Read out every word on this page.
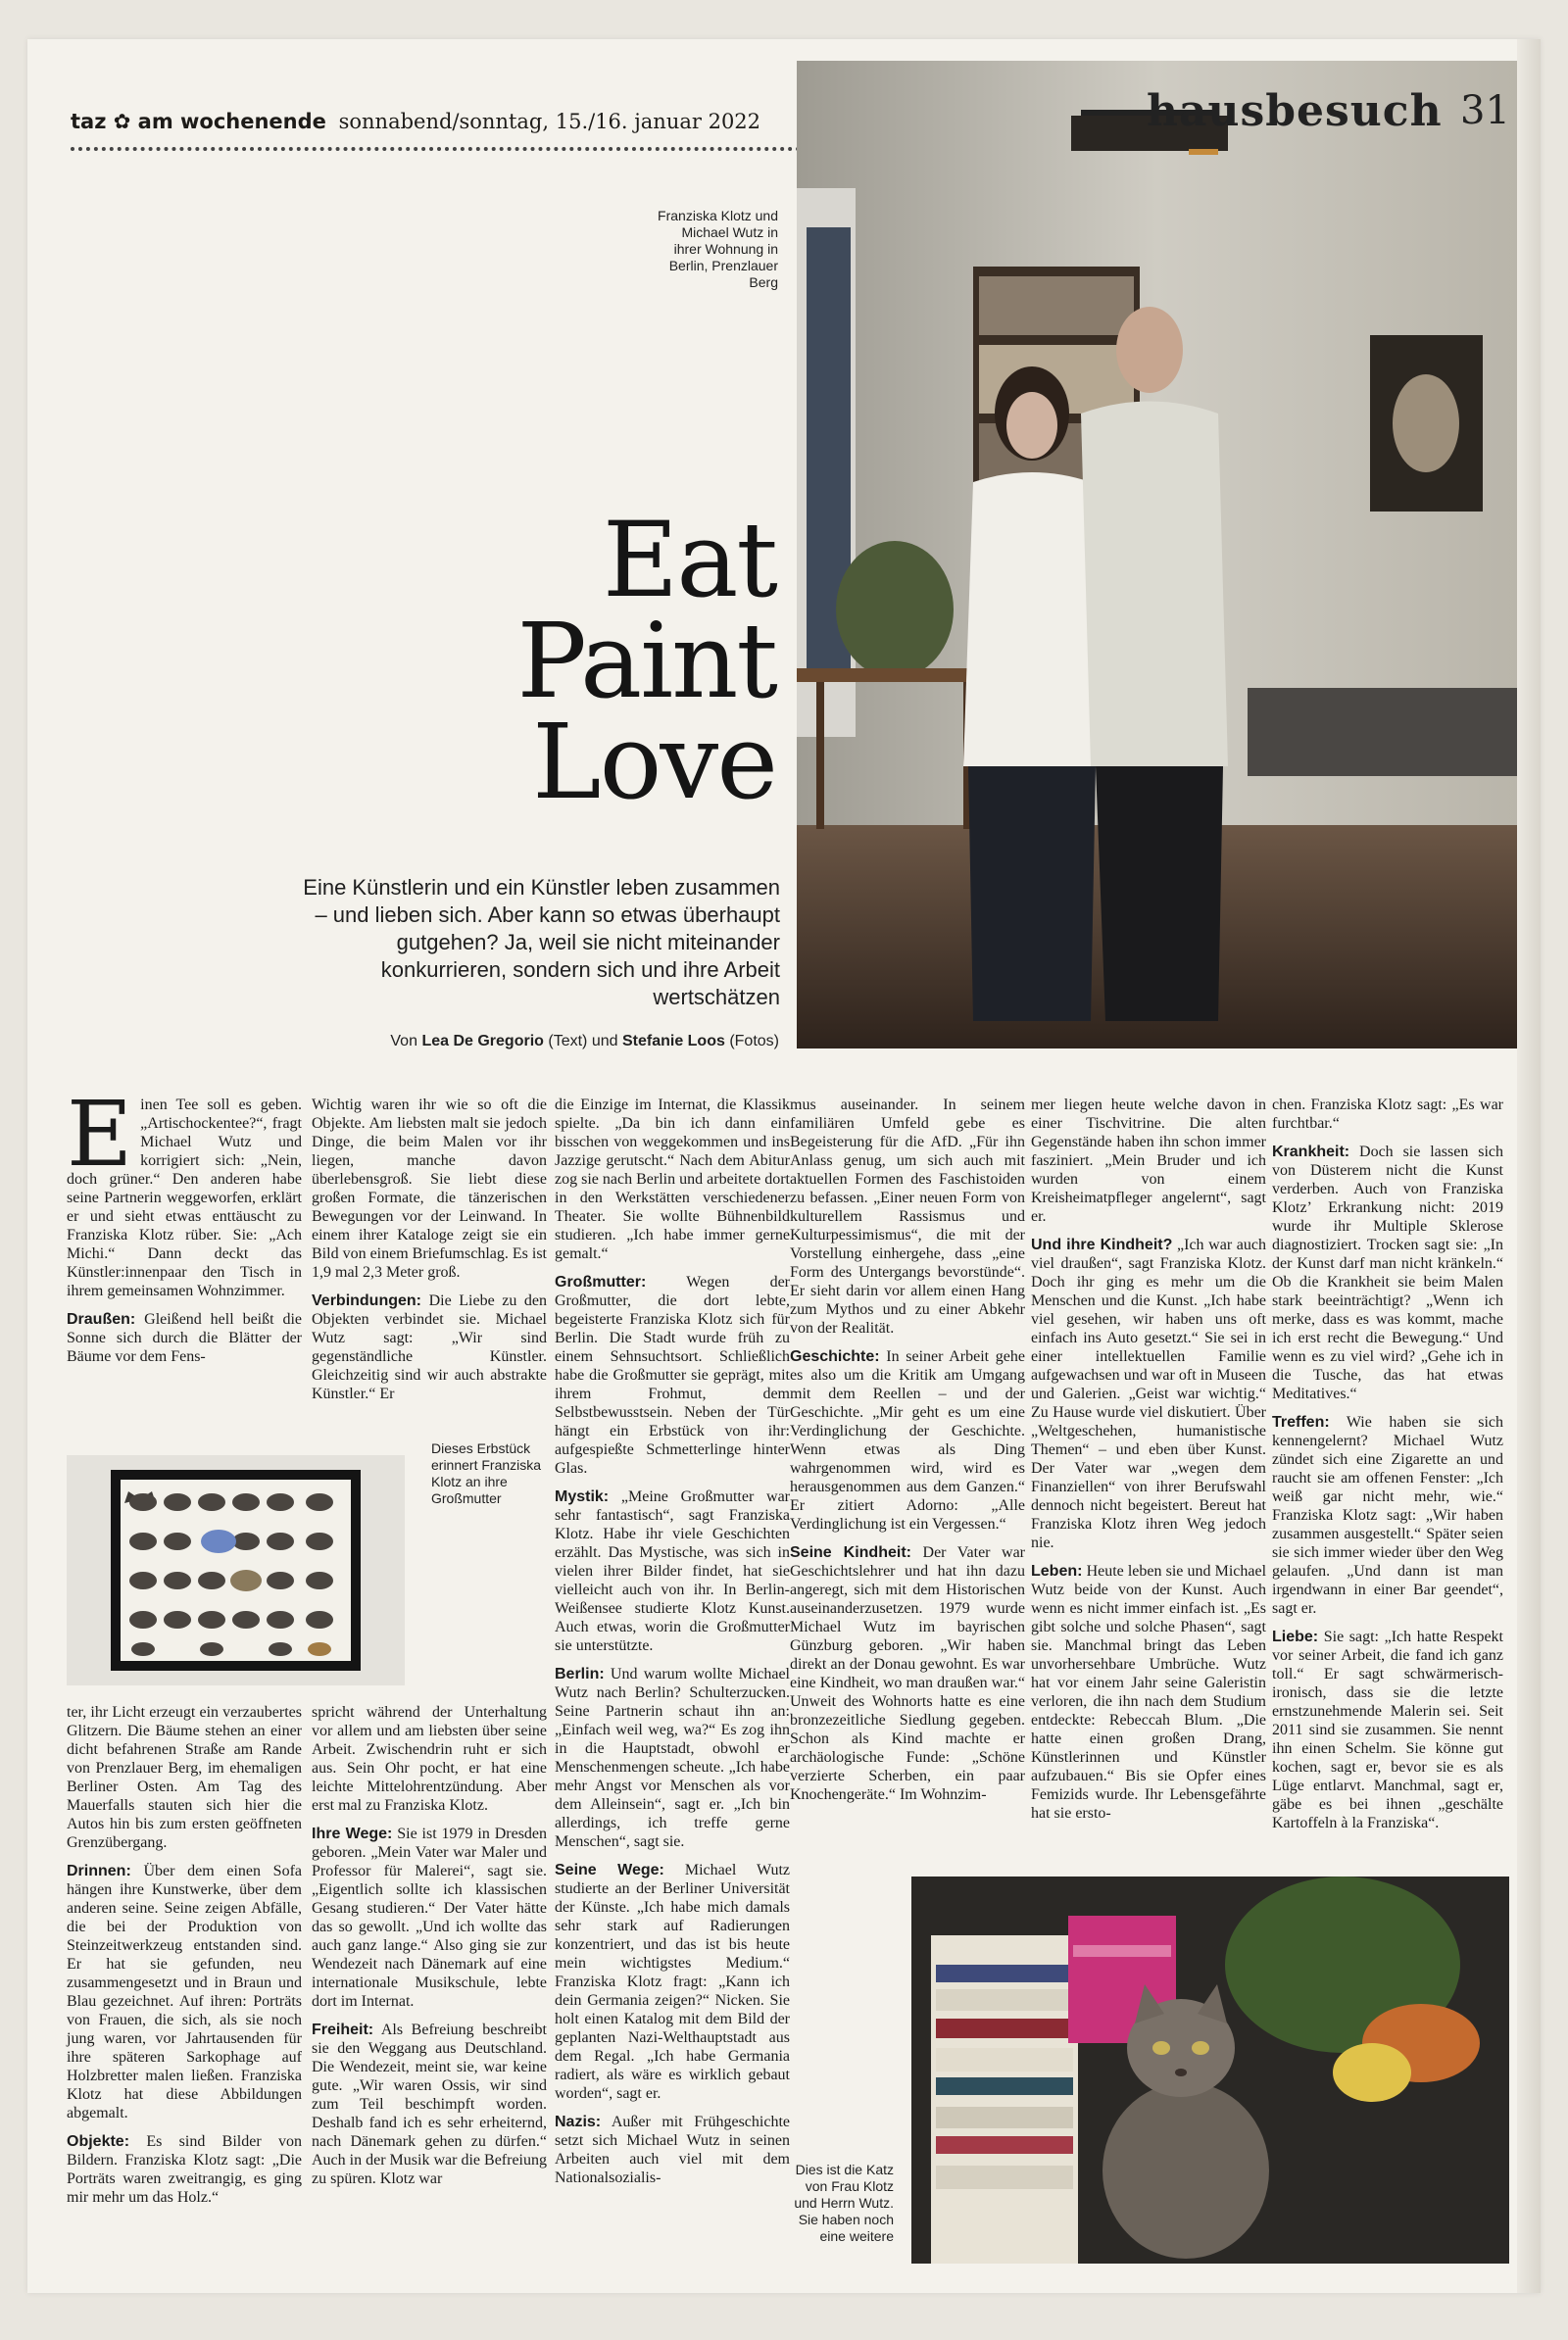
taz ✿ am wochenende sonnabend/sonntag, 15./16. januar 2022	hausbesuch 31
Franziska Klotz und Michael Wutz in ihrer Wohnung in Berlin, Prenzlauer Berg
Eat
Paint
Love
Eine Künstlerin und ein Künstler leben zusammen – und lieben sich. Aber kann so etwas überhaupt gutgehen? Ja, weil sie nicht miteinander konkurrieren, sondern sich und ihre Arbeit wertschätzen
Von Lea De Gregorio (Text) und Stefanie Loos (Fotos)

Einen Tee soll es geben. „Artischockentee?“, fragt Michael Wutz und korrigiert sich: „Nein, doch grüner.“ Den anderen habe seine Partnerin weggeworfen, erklärt er und sieht etwas enttäuscht zu Franziska Klotz rüber. Sie: „Ach Michi.“ Dann deckt das Künstler:innenpaar den Tisch in ihrem gemeinsamen Wohnzimmer.

Draußen: Gleißend hell beißt die Sonne sich durch die Blätter der Bäume vor dem Fens-

Dieses Erbstück erinnert Franziska Klotz an ihre Großmutter

ter, ihr Licht erzeugt ein verzaubertes Glitzern. Die Bäume stehen an einer dicht befahrenen Straße am Rande von Prenzlauer Berg, im ehemaligen Berliner Osten. Am Tag des Mauerfalls stauten sich hier die Autos hin bis zum ersten geöffneten Grenzübergang.

Drinnen: Über dem einen Sofa hängen ihre Kunstwerke, über dem anderen seine. Seine zeigen Abfälle, die bei der Produktion von Steinzeitwerkzeug entstanden sind. Er hat sie gefunden, neu zusammengesetzt und in Braun und Blau gezeichnet. Auf ihren: Porträts von Frauen, die sich, als sie noch jung waren, vor Jahrtausenden für ihre späteren Sarkophage auf Holzbretter malen ließen. Franziska Klotz hat diese Abbildungen abgemalt.

Objekte: Es sind Bilder von Bildern. Franziska Klotz sagt: „Die Porträts waren zweitrangig, es ging mir mehr um das Holz.“

Wichtig waren ihr wie so oft die Objekte. Am liebsten malt sie jedoch Dinge, die beim Malen vor ihr liegen, manche davon überlebensgroß. Sie liebt diese großen Formate, die tänzerischen Bewegungen vor der Leinwand. In einem ihrer Kataloge zeigt sie ein Bild von einem Briefumschlag. Es ist 1,9 mal 2,3 Meter groß.

Verbindungen: Die Liebe zu den Objekten verbindet sie. Michael Wutz sagt: „Wir sind gegenständliche Künstler. Gleichzeitig sind wir auch abstrakte Künstler.“ Er

spricht während der Unterhaltung vor allem und am liebsten über seine Arbeit. Zwischendrin ruht er sich aus. Sein Ohr pocht, er hat eine leichte Mittelohrentzündung. Aber erst mal zu Franziska Klotz.

Ihre Wege: Sie ist 1979 in Dresden geboren. „Mein Vater war Maler und Professor für Malerei“, sagt sie. „Eigentlich sollte ich klassischen Gesang studieren.“ Der Vater hätte das so gewollt. „Und ich wollte das auch ganz lange.“ Also ging sie zur Wendezeit nach Dänemark auf eine internationale Musikschule, lebte dort im Internat.

Freiheit: Als Befreiung beschreibt sie den Weggang aus Deutschland. Die Wendezeit, meint sie, war keine gute. „Wir waren Ossis, wir sind zum Teil beschimpft worden. Deshalb fand ich es sehr erheiternd, nach Dänemark gehen zu dürfen.“ Auch in der Musik war die Befreiung zu spüren. Klotz war

die Einzige im Internat, die Klassik spielte. „Da bin ich dann ein bisschen von weggekommen und ins Jazzige gerutscht.“ Nach dem Abitur zog sie nach Berlin und arbeitete dort in den Werkstätten verschiedener Theater. Sie wollte Bühnenbild studieren. „Ich habe immer gerne gemalt.“

Großmutter:	Wegen der Großmutter, die dort lebte, begeisterte Franziska Klotz sich für Berlin. Die Stadt wurde früh zu einem Sehnsuchtsort. Schließlich habe die Großmutter sie geprägt, mit ihrem Frohmut, dem Selbstbewusstsein. Neben der Tür hängt ein Erbstück von ihr: aufgespießte Schmetterlinge hinter Glas.

Mystik: „Meine Großmutter war sehr fantastisch“, sagt Franziska Klotz. Habe ihr viele Geschichten erzählt. Das Mystische, was sich in vielen ihrer Bilder findet, hat sie vielleicht auch von ihr. In Berlin-Weißensee studierte Klotz Kunst. Auch etwas, worin die Großmutter sie unterstützte.

Berlin: Und warum wollte Michael Wutz nach Berlin? Schulterzucken. Seine Partnerin schaut ihn an: „Einfach weil weg, wa?“ Es zog ihn in die Hauptstadt, obwohl er Menschenmengen scheute. „Ich habe mehr Angst vor Menschen als vor dem Alleinsein“, sagt er. „Ich bin allerdings, ich treffe gerne Menschen“, sagt sie.

Seine Wege: Michael Wutz studierte an der Berliner Universität der Künste. „Ich habe mich damals sehr stark auf Radierungen konzentriert, und das ist bis heute mein wichtigstes Medium.“ Franziska Klotz fragt: „Kann ich dein Germania zeigen?“ Nicken. Sie holt einen Katalog mit dem Bild der geplanten Nazi-Welthauptstadt aus dem Regal. „Ich habe Germania radiert, als wäre es wirklich gebaut worden“, sagt er.

Nazis: Außer mit Frühgeschichte setzt sich Michael Wutz in seinen Arbeiten auch viel mit dem Nationalsozialis-

mus auseinander. In seinem familiären Umfeld gebe es Begeisterung für die AfD. „Für ihn Anlass genug, um sich auch mit aktuellen Formen des Faschistoiden zu befassen. „Einer neuen Form von kulturellem Rassismus und Kulturpessimismus“, die mit der Vorstellung einhergehe, dass „eine Form des Untergangs bevorstünde“. Er sieht darin vor allem einen Hang zum Mythos und zu einer Abkehr von der Realität.

Geschichte: In seiner Arbeit gehe es also um die Kritik am Umgang mit dem Reellen – und der Geschichte. „Mir geht es um eine Verdinglichung der Geschichte. Wenn etwas als Ding wahrgenommen wird, wird es herausgenommen aus dem Ganzen.“ Er zitiert Adorno: „Alle Verdinglichung ist ein Vergessen.“

Seine Kindheit: Der Vater war Geschichtslehrer und hat ihn dazu angeregt, sich mit dem Historischen auseinanderzusetzen. 1979 wurde Michael Wutz im bayrischen Günzburg geboren. „Wir haben direkt an der Donau gewohnt. Es war eine Kindheit, wo man draußen war.“ Unweit des Wohnorts hatte es eine bronzezeitliche Siedlung gegeben. Schon als Kind machte er archäologische Funde: „Schöne verzierte Scherben, ein paar Knochengeräte.“ Im Wohnzim-

mer liegen heute welche davon in einer Tischvitrine. Die alten Gegenstände haben ihn schon immer fasziniert. „Mein Bruder und ich wurden von einem Kreisheimatpfleger angelernt“, sagt er.

Und ihre Kindheit? „Ich war auch viel draußen“, sagt Franziska Klotz. Doch ihr ging es mehr um die Menschen und die Kunst. „Ich habe viel gesehen, wir haben uns oft einfach ins Auto gesetzt.“ Sie sei in einer intellektuellen Familie aufgewachsen und war oft in Museen und Galerien. „Geist war wichtig.“ Zu Hause wurde viel diskutiert. Über „Weltgeschehen, humanistische Themen“ – und eben über Kunst. Der Vater war „wegen dem Finanziellen“ von ihrer Berufswahl dennoch nicht begeistert. Bereut hat Franziska Klotz ihren Weg jedoch nie.

Leben: Heute leben sie und Michael Wutz beide von der Kunst. Auch wenn es nicht immer einfach ist. „Es gibt solche und solche Phasen“, sagt sie. Manchmal bringt das Leben unvorhersehbare Umbrüche. Wutz hat vor einem Jahr seine Galeristin verloren, die ihn nach dem Studium entdeckte: Rebeccah Blum. „Die hatte einen großen Drang, Künstlerinnen und Künstler aufzubauen.“ Bis sie Opfer eines Femizids wurde. Ihr Lebensgefährte hat sie ersto-

chen. Franziska Klotz sagt: „Es war furchtbar.“

Krankheit: Doch sie lassen sich von Düsterem nicht die Kunst verderben. Auch von Franziska Klotz’ Erkrankung nicht: 2019 wurde ihr Multiple Sklerose diagnostiziert. Trocken sagt sie: „In der Kunst darf man nicht kränkeln.“ Ob die Krankheit sie beim Malen stark beeinträchtigt? „Wenn ich merke, dass es was kommt, mache ich erst recht die Bewegung.“ Und wenn es zu viel wird? „Gehe ich in die Tusche, das hat etwas Meditatives.“

Treffen: Wie haben sie sich kennengelernt? Michael Wutz zündet sich eine Zigarette an und raucht sie am offenen Fenster: „Ich weiß gar nicht mehr, wie.“ Franziska Klotz sagt: „Wir haben zusammen ausgestellt.“ Später seien sie sich immer wieder über den Weg gelaufen. „Und dann ist man irgendwann in einer Bar geendet“, sagt er.

Liebe: Sie sagt: „Ich hatte Respekt vor seiner Arbeit, die fand ich ganz toll.“ Er sagt schwärmerisch-ironisch, dass sie die letzte ernstzunehmende Malerin sei. Seit 2011 sind sie zusammen. Sie nennt ihn einen Schelm. Sie könne gut kochen, sagt er, bevor sie es als Lüge entlarvt. Manchmal, sagt er, gäbe es bei ihnen „geschälte Kartoffeln à la Franziska“.

Dies ist die Katz von Frau Klotz und Herrn Wutz. Sie haben noch eine weitere
